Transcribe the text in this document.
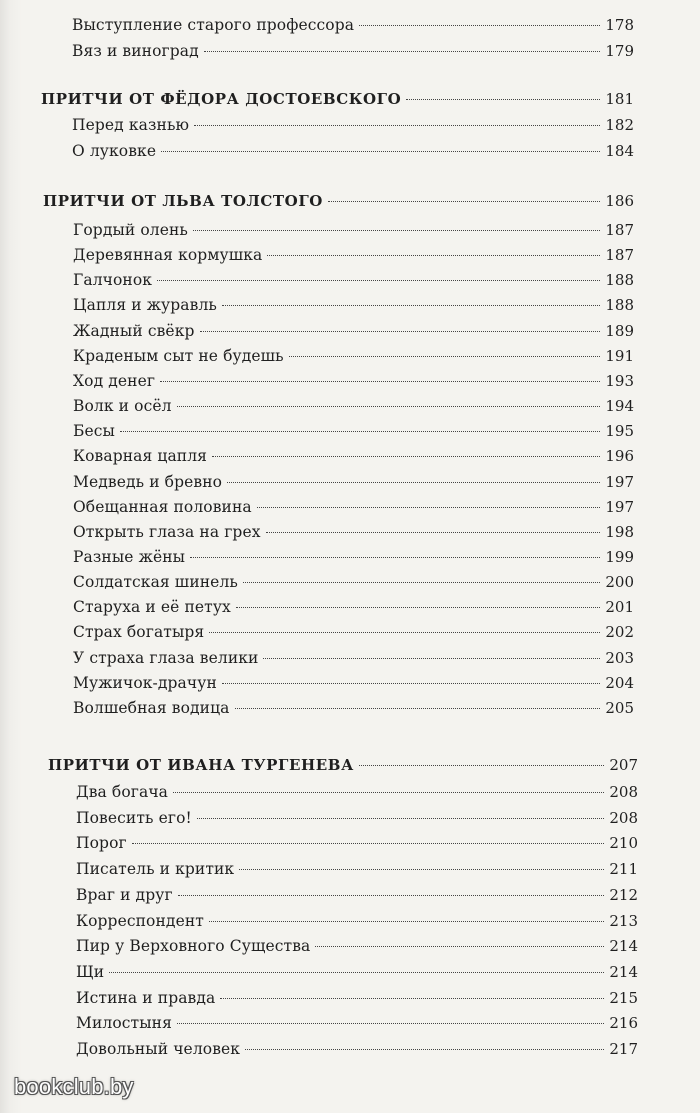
Выступление старого профессора	178
Вяз и виноград	179
ПРИТЧИ ОТ ФЁДОРА ДОСТОЕВСКОГО	181
Перед казнью	182
О луковке	184
ПРИТЧИ ОТ ЛЬВА ТОЛСТОГО	186
Гордый олень	187
Деревянная кормушка	187
Галчонок	188
Цапля и журавль	188
Жадный свёкр	189
Краденым сыт не будешь	191
Ход денег	193
Волк и осёл	194
Бесы	195
Коварная цапля	196
Медведь и бревно	197
Обещанная половина	197
Открыть глаза на грех	198
Разные жёны	199
Солдатская шинель	200
Старуха и её петух	201
Страх богатыря	202
У страха глаза велики	203
Мужичок-драчун	204
Волшебная водица	205
ПРИТЧИ ОТ ИВАНА ТУРГЕНЕВА	207
Два богача	208
Повесить его!	208
Порог	210
Писатель и критик	211
Враг и друг	212
Корреспондент	213
Пир у Верховного Существа	214
Щи	214
Истина и правда	215
Милостыня	216
Довольный человек	217
bookclub.by
